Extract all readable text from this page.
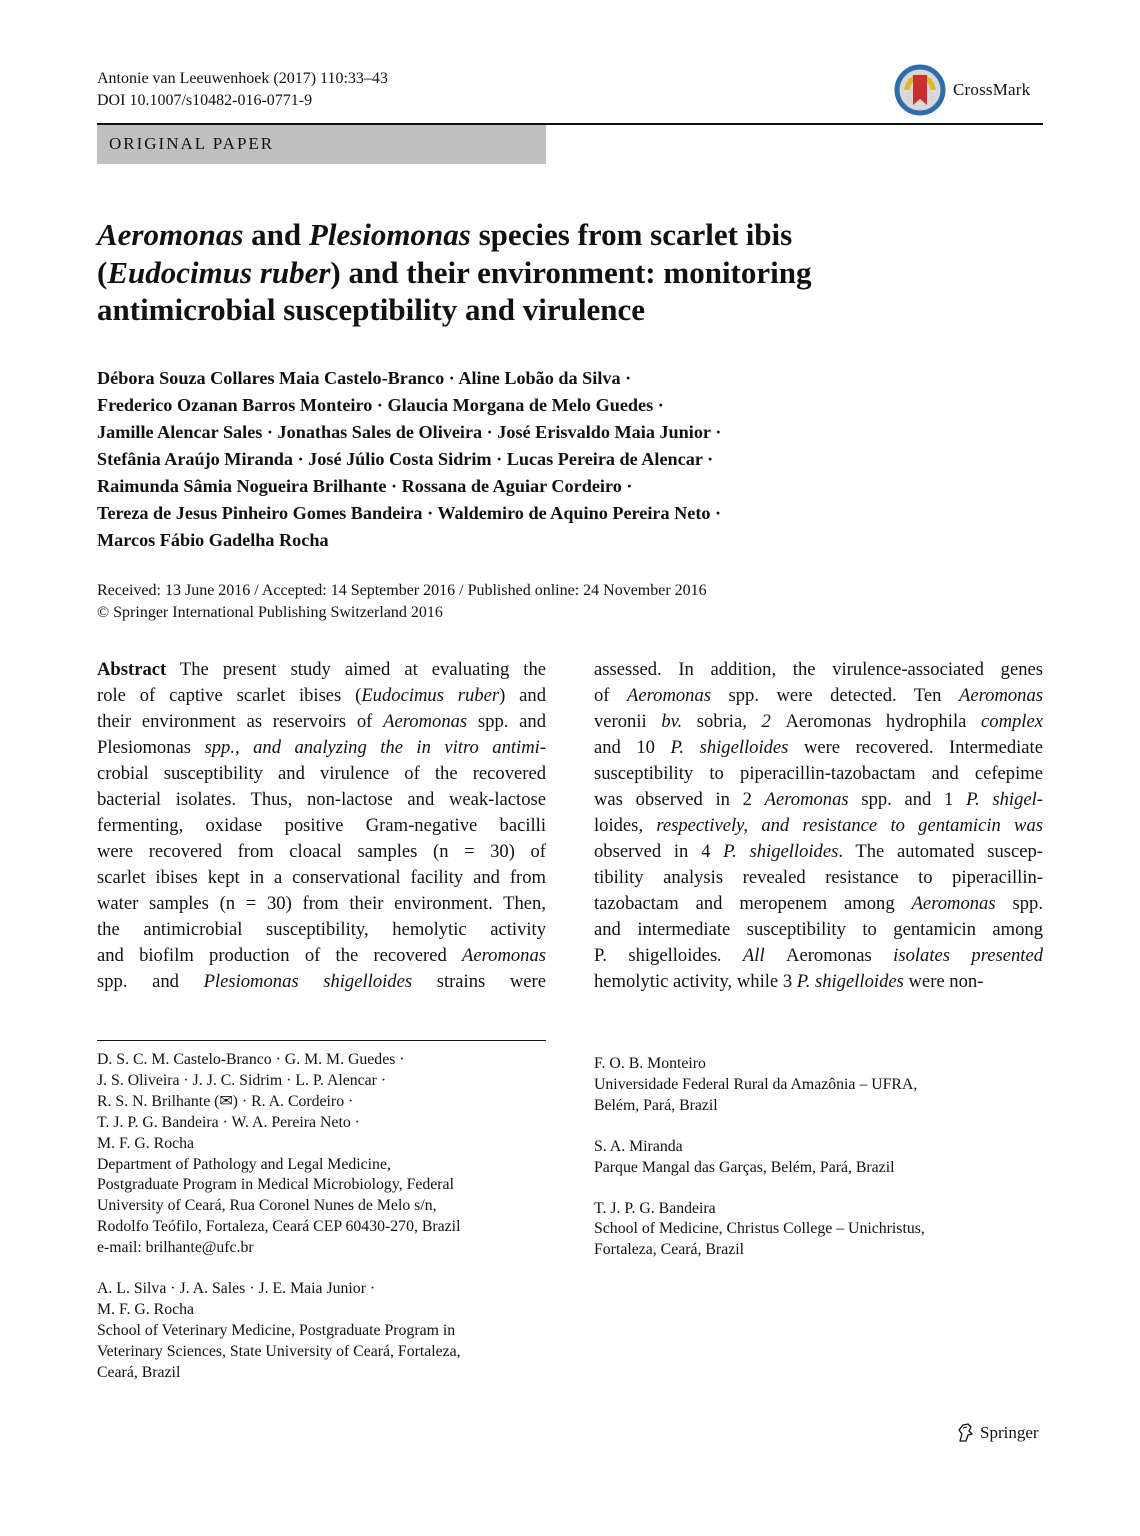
Antonie van Leeuwenhoek (2017) 110:33–43
DOI 10.1007/s10482-016-0771-9
CrossMark
ORIGINAL PAPER
Aeromonas and Plesiomonas species from scarlet ibis
(Eudocimus ruber) and their environment: monitoring
antimicrobial susceptibility and virulence
Débora Souza Collares Maia Castelo-Branco · Aline Lobão da Silva ·
Frederico Ozanan Barros Monteiro · Glaucia Morgana de Melo Guedes ·
Jamille Alencar Sales · Jonathas Sales de Oliveira · José Erisvaldo Maia Junior ·
Stefânia Araújo Miranda · José Júlio Costa Sidrim · Lucas Pereira de Alencar ·
Raimunda Sâmia Nogueira Brilhante · Rossana de Aguiar Cordeiro ·
Tereza de Jesus Pinheiro Gomes Bandeira · Waldemiro de Aquino Pereira Neto ·
Marcos Fábio Gadelha Rocha
Received: 13 June 2016 / Accepted: 14 September 2016 / Published online: 24 November 2016
© Springer International Publishing Switzerland 2016
Abstract The present study aimed at evaluating the
role of captive scarlet ibises (Eudocimus ruber) and
their environment as reservoirs of Aeromonas spp. and
Plesiomonas spp., and analyzing the in vitro antimi-
crobial susceptibility and virulence of the recovered
bacterial isolates. Thus, non-lactose and weak-lactose
fermenting, oxidase positive Gram-negative bacilli
were recovered from cloacal samples (n = 30) of
scarlet ibises kept in a conservational facility and from
water samples (n = 30) from their environment. Then,
the antimicrobial susceptibility, hemolytic activity
and biofilm production of the recovered Aeromonas
spp. and Plesiomonas shigelloides strains were
assessed. In addition, the virulence-associated genes
of Aeromonas spp. were detected. Ten Aeromonas
veronii bv. sobria, 2 Aeromonas hydrophila complex
and 10 P. shigelloides were recovered. Intermediate
susceptibility to piperacillin-tazobactam and cefepime
was observed in 2 Aeromonas spp. and 1 P. shigel-
loides, respectively, and resistance to gentamicin was
observed in 4 P. shigelloides. The automated suscep-
tibility analysis revealed resistance to piperacillin-
tazobactam and meropenem among Aeromonas spp.
and intermediate susceptibility to gentamicin among
P. shigelloides. All Aeromonas isolates presented
hemolytic activity, while 3 P. shigelloides were non-
D. S. C. M. Castelo-Branco · G. M. M. Guedes ·
J. S. Oliveira · J. J. C. Sidrim · L. P. Alencar ·
R. S. N. Brilhante (✉) · R. A. Cordeiro ·
T. J. P. G. Bandeira · W. A. Pereira Neto ·
M. F. G. Rocha
Department of Pathology and Legal Medicine,
Postgraduate Program in Medical Microbiology, Federal
University of Ceará, Rua Coronel Nunes de Melo s/n,
Rodolfo Teófilo, Fortaleza, Ceará CEP 60430-270, Brazil
e-mail: brilhante@ufc.br
A. L. Silva · J. A. Sales · J. E. Maia Junior ·
M. F. G. Rocha
School of Veterinary Medicine, Postgraduate Program in
Veterinary Sciences, State University of Ceará, Fortaleza,
Ceará, Brazil
F. O. B. Monteiro
Universidade Federal Rural da Amazônia – UFRA,
Belém, Pará, Brazil
S. A. Miranda
Parque Mangal das Garças, Belém, Pará, Brazil
T. J. P. G. Bandeira
School of Medicine, Christus College – Unichristus,
Fortaleza, Ceará, Brazil
Springer
